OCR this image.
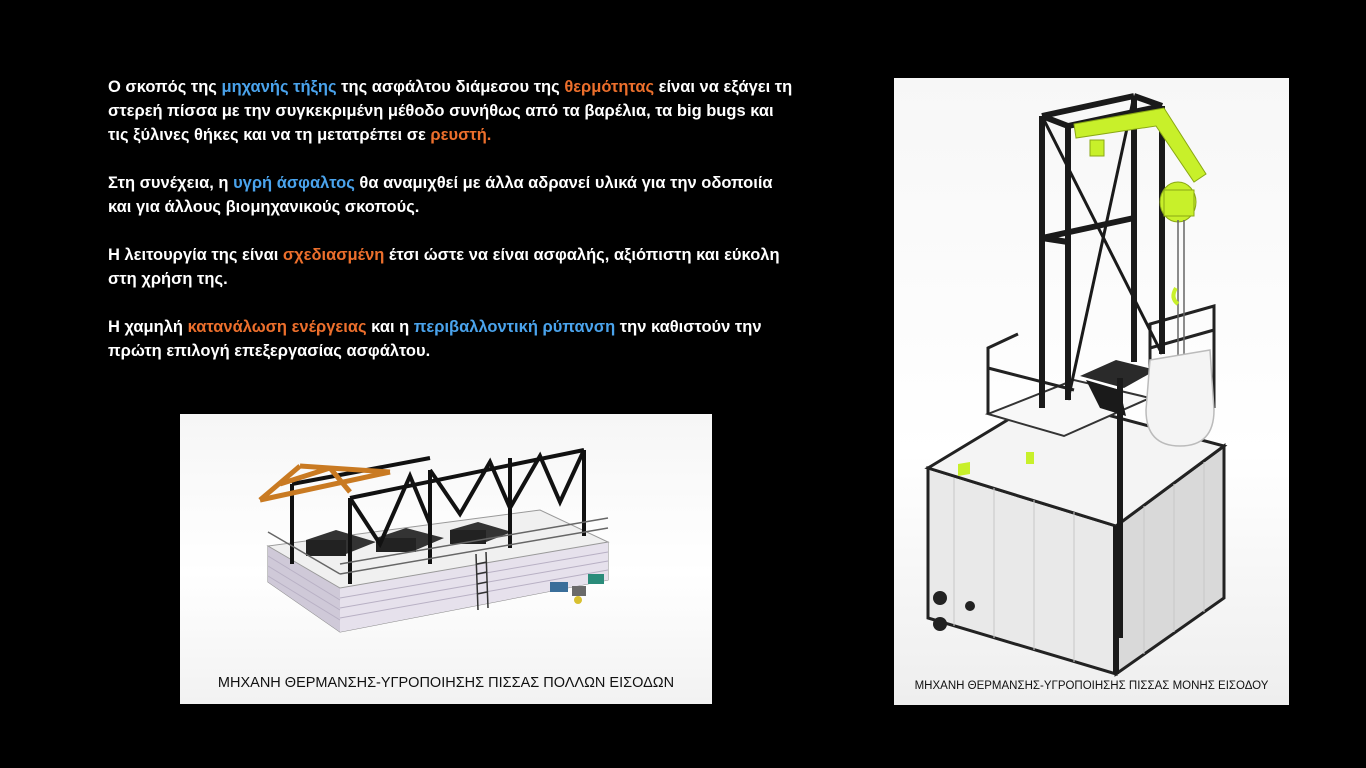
Ο σκοπός της μηχανής τήξης της ασφάλτου διάμεσου της θερμότητας είναι να εξάγει τη στερεή πίσσα με την συγκεκριμένη μέθοδο συνήθως από τα βαρέλια, τα big bugs και τις ξύλινες θήκες και να τη μετατρέπει σε ρευστή.

Στη συνέχεια, η υγρή άσφαλτος θα αναμιχθεί με άλλα αδρανεί υλικά για την οδοποιία και για άλλους βιομηχανικούς σκοπούς.

Η λειτουργία της είναι σχεδιασμένη έτσι ώστε να είναι ασφαλής, αξιόπιστη και εύκολη στη χρήση της.

Η χαμηλή κατανάλωση ενέργειας και η περιβαλλοντική ρύπανση την καθιστούν την πρώτη επιλογή επεξεργασίας ασφάλτου.

ΜΗΧΑΝΗ ΘΕΡΜΑΝΣΗΣ-ΥΓΡΟΠΟΙΗΣΗΣ ΠΙΣΣΑΣ ΠΟΛΛΩΝ ΕΙΣΟΔΩΝ	ΜΗΧΑΝΗ ΘΕΡΜΑΝΣΗΣ-ΥΓΡΟΠΟΙΗΣΗΣ ΠΙΣΣΑΣ ΜΟΝΗΣ ΕΙΣΟΔΟΥ
